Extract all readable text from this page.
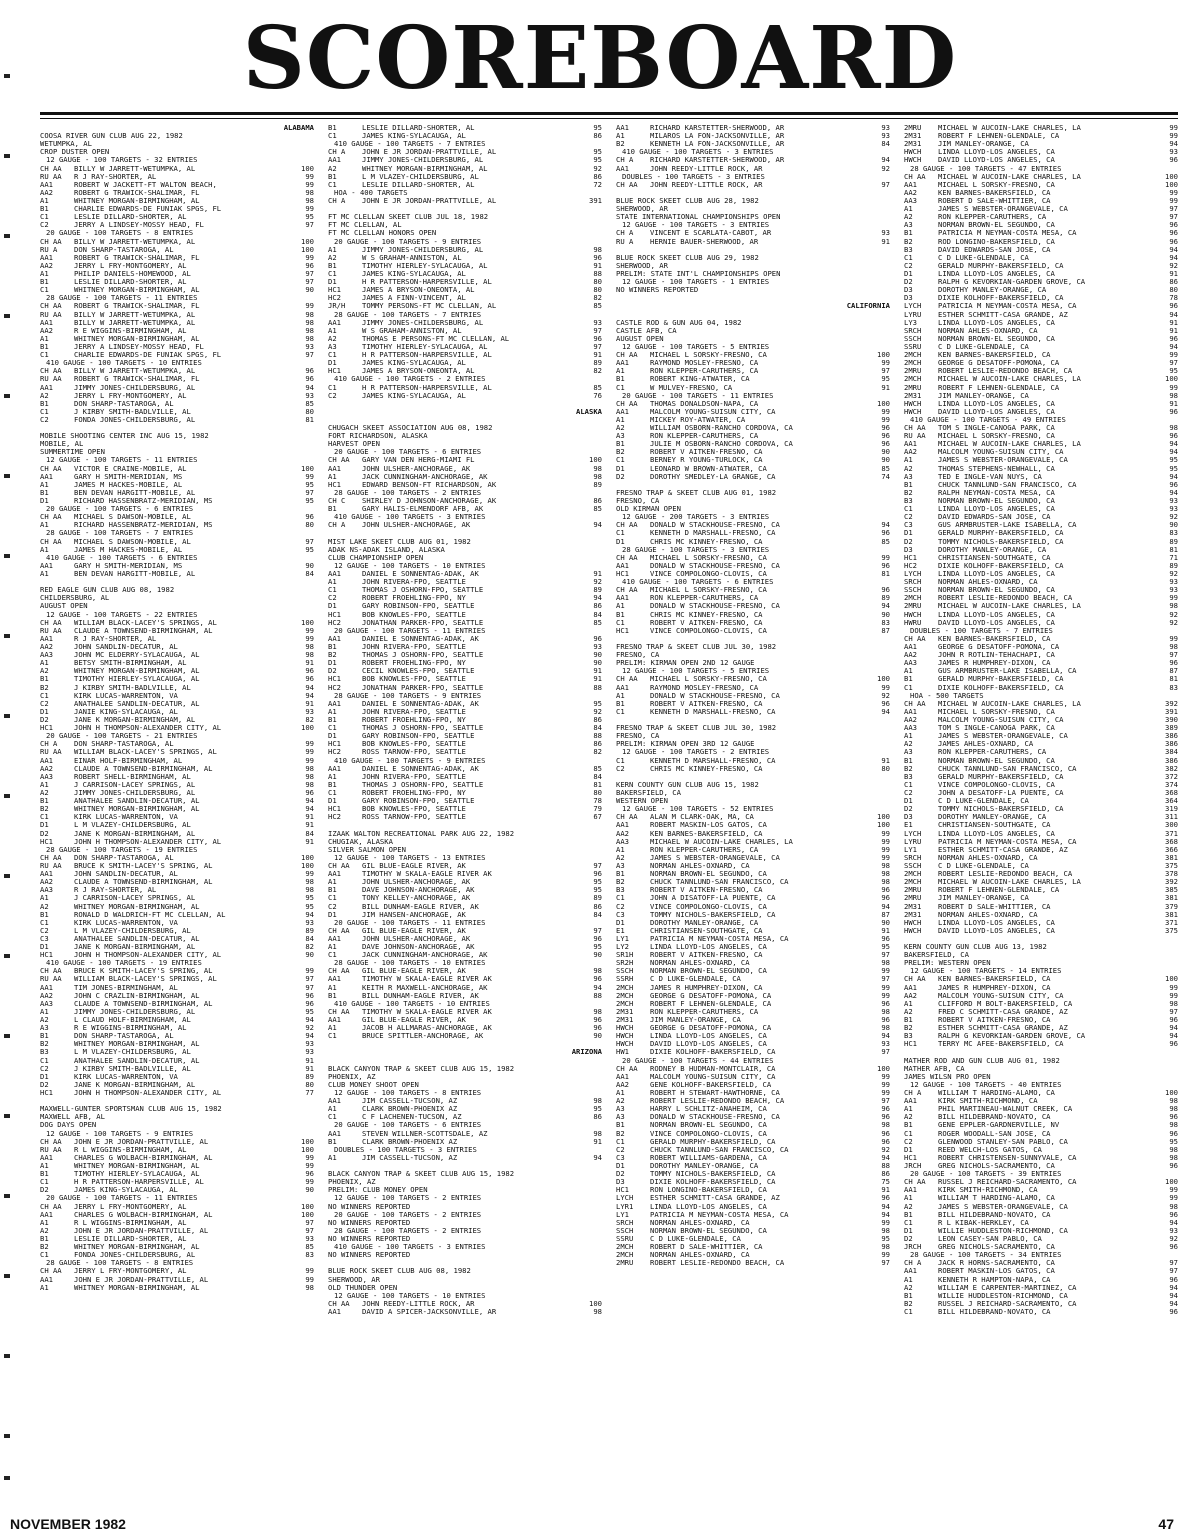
SCOREBOARD
ALABAMA
COOSA RIVER GUN CLUB AUG 22, 1982
WETUMPKA, AL
CROP DUSTER OPEN
12 GAUGE - 100 TARGETS - 32 ENTRIES
CH AA	BILLY W JARRETT-WETUMPKA, AL	100
RU AA	R J RAY-SHORTER, AL	99
AA1	ROBERT W JACKETT-FT WALTON BEACH,	99
AA2	ROBERT G TRAWICK-SHALIMAR, FL	98
A1	WHITNEY MORGAN-BIRMINGHAM, AL	98
B1	CHARLIE EDWARDS-DE FUNIAK SPGS, FL	99
C1	LESLIE DILLARD-SHORTER, AL	95
C2	JERRY A LINDSEY-MOSSY HEAD, FL	97
20 GAUGE - 100 TARGETS - 8 ENTRIES
CH AA	BILLY W JARRETT-WETUMPKA, AL	100
RU A	DON SHARP-TASTAROGA, AL	100
AA1	ROBERT G TRAWICK-SHALIMAR, FL	99
AA2	JERRY L FRY-MONTGOMERY, AL	96
A1	PHILIP DANIELS-HOMEWOOD, AL	97
B1	LESLIE DILLARD-SHORTER, AL	97
C1	WHITNEY MORGAN-BIRMINGHAM, AL	90
28 GAUGE - 100 TARGETS - 11 ENTRIES
CH AA	ROBERT G TRAWICK-SHALIMAR, FL	99
RU AA	BILLY W JARRETT-WETUMPKA, AL	98
AA1	BILLY W JARRETT-WETUMPKA, AL	98
AA2	R E WIGGINS-BIRMINGHAM, AL	98
A1	WHITNEY MORGAN-BIRMINGHAM, AL	98
B1	JERRY A LINDSEY-MOSSY HEAD, FL	93
C1	CHARLIE EDWARDS-DE FUNIAK SPGS, FL	97
410 GAUGE - 100 TARGETS - 10 ENTRIES
CH AA	BILLY W JARRETT-WETUMPKA, AL	96
RU AA	ROBERT G TRAWICK-SHALIMAR, FL	96
AA1	JIMMY JONES-CHILDERSBURG, AL	94
A2	JERRY L FRY-MONTGOMERY, AL	93
B1	DON SHARP-TASTAROGA, AL	85
C1	J KIRBY SMITH-BADLVILLE, AL	80
C2	FONDA JONES-CHILDERSBURG, AL	81

MOBILE SHOOTING CENTER INC AUG 15, 1982
MOBILE, AL
SUMMERTIME OPEN
12 GAUGE - 100 TARGETS - 11 ENTRIES
CH AA	VICTOR E CRAINE-MOBILE, AL	100
AA1	GARY H SMITH-MERIDIAN, MS	99
A1	JAMES M HACKES-MOBILE, AL	95
B1	BEN DEVAN HARGITT-MOBILE, AL	97
D1	RICHARD HASSENBRATZ-MERIDIAN, MS	95
20 GAUGE - 100 TARGETS - 6 ENTRIES
CH AA	MICHAEL S DAWSON-MOBILE, AL	96
A1	RICHARD HASSENBRATZ-MERIDIAN, MS	80
28 GAUGE - 100 TARGETS - 7 ENTRIES
CH AA	MICHAEL S DAWSON-MOBILE, AL	97
A1	JAMES M HACKES-MOBILE, AL	95
410 GAUGE - 100 TARGETS - 6 ENTRIES
AA1	GARY H SMITH-MERIDIAN, MS	90
A1	BEN DEVAN HARGITT-MOBILE, AL	84

RED EAGLE GUN CLUB AUG 08, 1982
CHILDERSBURG, AL
AUGUST OPEN
12 GAUGE - 100 TARGETS - 22 ENTRIES
CH AA	WILLIAM BLACK-LACEY'S SPRINGS, AL	100
RU AA	CLAUDE A TOWNSEND-BIRMINGHAM, AL	99
AA1	R J RAY-SHORTER, AL	99
AA2	JOHN SANDLIN-DECATUR, AL	98
AA3	JOHN MC ELDERRY-SYLACAUGA, AL	98
A1	BETSY SMITH-BIRMINGHAM, AL	91
A2	WHITNEY MORGAN-BIRMINGHAM, AL	96
B1	TIMOTHY HIERLEY-SYLACAUGA, AL	96
B2	J KIRBY SMITH-BADLVILLE, AL	94
C1	KIRK LUCAS-WARRENTON, VA	94
C2	ANATHALEE SANDLIN-DECATUR, AL	91
D1	JANIE KING-SYLACAUGA, AL	93
D2	JANE K MORGAN-BIRMINGHAM, AL	82
HC1	JOHN H THOMPSON-ALEXANDER CITY, AL	100
20 GAUGE - 100 TARGETS - 21 ENTRIES
CH A	DON SHARP-TASTAROGA, AL	99
RU AA	WILLIAM BLACK-LACEY'S SPRINGS, AL	99
AA1	EINAR HOLF-BIRMINGHAM, AL	99
AA2	CLAUDE A TOWNSEND-BIRMINGHAM, AL	98
AA3	ROBERT SHELL-BIRMINGHAM, AL	98
A1	J CARRISON-LACEY SPRINGS, AL	98
A2	JIMMY JONES-CHILDERSBURG, AL	96
B1	ANATHALEE SANDLIN-DECATUR, AL	94
B2	WHITNEY MORGAN-BIRMINGHAM, AL	94
C1	KIRK LUCAS-WARRENTON, VA	91
D1	L M VLAZEY-CHILDERSBURG, AL	91
D2	JANE K MORGAN-BIRMINGHAM, AL	84
HC1	JOHN H THOMPSON-ALEXANDER CITY, AL	91
28 GAUGE - 100 TARGETS - 19 ENTRIES
CH AA	DON SHARP-TASTAROGA, AL	100
RU AA	BRUCE K SMITH-LACEY'S SPRING, AL	100
AA1	JOHN SANDLIN-DECATUR, AL	99
AA2	CLAUDE A TOWNSEND-BIRMINGHAM, AL	98
AA3	R J RAY-SHORTER, AL	98
A1	J CARRISON-LACEY SPRINGS, AL	95
A2	WHITNEY MORGAN-BIRMINGHAM, AL	95
B1	RONALD D WALDRICH-FT MC CLELLAN, AL	94
C1	KIRK LUCAS-WARRENTON, VA	93
C2	L M VLAZEY-CHILDERSBURG, AL	89
C3	ANATHALEE SANDLIN-DECATUR, AL	84
D1	JANE K MORGAN-BIRMINGHAM, AL	82
HC1	JOHN H THOMPSON-ALEXANDER CITY, AL	90
410 GAUGE - 100 TARGETS - 19 ENTRIES
CH AA	BRUCE K SMITH-LACEY'S SPRING, AL	99
RU AA	WILLIAM BLACK-LACEY'S SPRINGS, AL	97
AA1	TIM JONES-BIRMINGHAM, AL	97
AA2	JOHN C CRAZLIN-BIRMINGHAM, AL	96
AA3	CLAUDE A TOWNSEND-BIRMINGHAM, AL	96
A1	JIMMY JONES-CHILDERSBURG, AL	95
A2	L CLAUD HOLF-BIRMINGHAM, AL	94
A3	R E WIGGINS-BIRMINGHAM, AL	92
B1	DON SHARP-TASTAROGA, AL	94
B2	WHITNEY MORGAN-BIRMINGHAM, AL	93
B3	L M VLAZEY-CHILDERSBURG, AL	93
C1	ANATHALEE SANDLIN-DECATUR, AL	91
C2	J KIRBY SMITH-BADLVILLE, AL	91
D1	KIRK LUCAS-WARRENTON, VA	89
D2	JANE K MORGAN-BIRMINGHAM, AL	80
HC1	JOHN H THOMPSON-ALEXANDER CITY, AL	77

MAXWELL-GUNTER SPORTSMAN CLUB AUG 15, 1982
MAXWELL AFB, AL
DOG DAYS OPEN
12 GAUGE - 100 TARGETS - 9 ENTRIES
CH AA	JOHN E JR JORDAN-PRATTVILLE, AL	100
RU AA	R L WIGGINS-BIRMINGHAM, AL	100
AA1	CHARLES G WOLBACH-BIRMINGHAM, AL	99
A1	WHITNEY MORGAN-BIRMINGHAM, AL	99
B1	TIMOTHY HIERLEY-SYLACAUGA, AL	96
C1	H R PATTERSON-HARPERSVILLE, AL	99
D2	JAMES KING-SYLACAUGA, AL	90
20 GAUGE - 100 TARGETS - 11 ENTRIES
CH AA	JERRY L FRY-MONTGOMERY, AL	100
AA1	CHARLES G WOLBACH-BIRMINGHAM, AL	100
A1	R L WIGGINS-BIRMINGHAM, AL	97
A2	JOHN E JR JORDAN-PRATTVILLE, AL	97
B1	LESLIE DILLARD-SHORTER, AL	93
B2	WHITNEY MORGAN-BIRMINGHAM, AL	85
C1	FONDA JONES-CHILDERSBURG, AL	83
28 GAUGE - 100 TARGETS - 8 ENTRIES
CH AA	JERRY L FRY-MONTGOMERY, AL	99
AA1	JOHN E JR JORDAN-PRATTVILLE, AL	99
A1	WHITNEY MORGAN-BIRMINGHAM, AL	98
B1	LESLIE DILLARD-SHORTER, AL	95
C1	JAMES KING-SYLACAUGA, AL	86
410 GAUGE - 100 TARGETS - 7 ENTRIES
CH A	JOHN E JR JORDAN-PRATTVILLE, AL	95
AA1	JIMMY JONES-CHILDERSBURG, AL	95
A2	WHITNEY MORGAN-BIRMINGHAM, AL	92
B1	L M VLAZEY-CHILDERSBURG, AL	86
C1	LESLIE DILLARD-SHORTER, AL	72
HOA - 400 TARGETS
CH A	JOHN E JR JORDAN-PRATTVILLE, AL	391

FT MC CLELLAN SKEET CLUB JUL 18, 1982
FT MC CLELLAN, AL
FT MC CLELLAN HONORS OPEN
20 GAUGE - 100 TARGETS - 9 ENTRIES
A1	JIMMY JONES-CHILDERSBURG, AL	98
A2	W S GRAHAM-ANNISTON, AL	96
B1	TIMOTHY HIERLEY-SYLACAUGA, AL	91
C1	JAMES KING-SYLACAUGA, AL	88
D1	H R PATTERSON-HARPERSVILLE, AL	80
HC1	JAMES A BRYSON-ONEONTA, AL	80
HC2	JAMES A FINN-VINCENT, AL	82
JR/H	TOMMY PERSONS-FT MC CLELLAN, AL	85
28 GAUGE - 100 TARGETS - 7 ENTRIES
AA1	JIMMY JONES-CHILDERSBURG, AL	93
A1	W S GRAHAM-ANNISTON, AL	97
A2	THOMAS E PERSONS-FT MC CLELLAN, AL	96
A3	TIMOTHY HIERLEY-SYLACAUGA, AL	97
C1	H R PATTERSON-HARPERSVILLE, AL	91
D1	JAMES KING-SYLACAUGA, AL	89
HC1	JAMES A BRYSON-ONEONTA, AL	82
410 GAUGE - 100 TARGETS - 2 ENTRIES
C1	H R PATTERSON-HARPERSVILLE, AL	85
C2	JAMES KING-SYLACAUGA, AL	76

ALASKA

CHUGACH SKEET ASSOCIATION AUG 08, 1982
FORT RICHARDSON, ALASKA
HARVEST OPEN
20 GAUGE - 100 TARGETS - 6 ENTRIES
CH AA	GARY VAN DEN HERG-MIAMI FL	100
AA1	JOHN ULSHER-ANCHORAGE, AK	98
A1	JACK CUNNINGHAM-ANCHORAGE, AK	98
HC1	EDWARD BENSON-FT RICHARDSON, AK	89
28 GAUGE - 100 TARGETS - 2 ENTRIES
CH C	SHIRLEY D JOHNSON-ANCHORAGE, AK	86
B1	GARY HALIS-ELMENDORF AFB, AK	85
410 GAUGE - 100 TARGETS - 3 ENTRIES
CH A	JOHN ULSHER-ANCHORAGE, AK	94

MIST LAKE SKEET CLUB AUG 01, 1982
ADAK NS-ADAK ISLAND, ALASKA
CLUB CHAMPIONSHIP OPEN
12 GAUGE - 100 TARGETS - 10 ENTRIES
AA1	DANIEL E SONNENTAG-ADAK, AK	91
A1	JOHN RIVERA-FPO, SEATTLE	92
C1	THOMAS J OSHORN-FPO, SEATTLE	89
C2	ROBERT FROEHLING-FPO, NY	94
D1	GARY ROBINSON-FPO, SEATTLE	86
HC1	BOB KNOWLES-FPO, SEATTLE	84
HC2	JONATHAN PARKER-FPO, SEATTLE	85
20 GAUGE - 100 TARGETS - 11 ENTRIES
AA1	DANIEL E SONNENTAG-ADAK, AK	96
B1	JOHN RIVERA-FPO, SEATTLE	93
B2	THOMAS J OSHORN-FPO, SEATTLE	90
D1	ROBERT FROEHLING-FPO, NY	90
D2	CECIL KNOWLES-FPO, SEATTLE	91
HC1	BOB KNOWLES-FPO, SEATTLE	91
HC2	JONATHAN PARKER-FPO, SEATTLE	88
28 GAUGE - 100 TARGETS - 9 ENTRIES
AA1	DANIEL E SONNENTAG-ADAK, AK	95
A1	JOHN RIVERA-FPO, SEATTLE	92
B1	ROBERT FROEHLING-FPO, NY	86
C1	THOMAS J OSHORN-FPO, SEATTLE	84
D1	GARY ROBINSON-FPO, SEATTLE	88
HC1	BOB KNOWLES-FPO, SEATTLE	86
HC2	ROSS TARNOW-FPO, SEATTLE	82
410 GAUGE - 100 TARGETS - 9 ENTRIES
AA1	DANIEL E SONNENTAG-ADAK, AK	85
A1	JOHN RIVERA-FPO, SEATTLE	84
B1	THOMAS J OSHORN-FPO, SEATTLE	81
C1	ROBERT FROEHLING-FPO, NY	80
D1	GARY ROBINSON-FPO, SEATTLE	78
HC1	BOB KNOWLES-FPO, SEATTLE	79
HC2	ROSS TARNOW-FPO, SEATTLE	67

IZAAK WALTON RECREATIONAL PARK AUG 22, 1982
CHUGIAK, ALASKA
SILVER SALMON OPEN
12 GAUGE - 100 TARGETS - 13 ENTRIES
CH AA	GIL BLUE-EAGLE RIVER, AK	97
AA1	TIMOTHY W SKALA-EAGLE RIVER AK	96
A1	JOHN ULSHER-ANCHORAGE, AK	95
B1	DAVE JOHNSON-ANCHORAGE, AK	95
C1	TONY KELLEY-ANCHORAGE, AK	89
C2	BILL DUNHAM-EAGLE RIVER, AK	86
D1	JIM HANSEN-ANCHORAGE, AK	84
20 GAUGE - 100 TARGETS - 11 ENTRIES
CH AA	GIL BLUE-EAGLE RIVER, AK	97
AA1	JOHN ULSHER-ANCHORAGE, AK	96
A1	DAVE JOHNSON-ANCHORAGE, AK	95
C1	JACK CUNNINGHAM-ANCHORAGE, AK	90
28 GAUGE - 100 TARGETS - 10 ENTRIES
CH AA	GIL BLUE-EAGLE RIVER, AK	98
AA1	TIMOTHY W SKALA-EAGLE RIVER AK	96
A1	KEITH R MAXWELL-ANCHORAGE, AK	94
B1	BILL DUNHAM-EAGLE RIVER, AK	88
410 GAUGE - 100 TARGETS - 10 ENTRIES
CH AA	TIMOTHY W SKALA-EAGLE RIVER AK	98
AA1	GIL BLUE-EAGLE RIVER, AK	96
A1	JACOB H ALLMARAS-ANCHORAGE, AK	96
C1	BRUCE SPITTLER-ANCHORAGE, AK	90

ARIZONA

BLACK CANYON TRAP & SKEET CLUB AUG 15, 1982
PHOENIX, AZ
CLUB MONEY SHOOT OPEN
12 GAUGE - 100 TARGETS - 8 ENTRIES
AA1	JIM CASSELL-TUCSON, AZ	98
A1	CLARK BROWN-PHOENIX AZ	95
C1	C F LACHENEN-TUCSON, AZ	86
20 GAUGE - 100 TARGETS - 6 ENTRIES
AA1	STEVEN WILLNER-SCOTTSDALE, AZ	98
B1	CLARK BROWN-PHOENIX AZ	91
DOUBLES - 100 TARGETS - 3 ENTRIES
A1	JIM CASSELL-TUCSON, AZ	94

BLACK CANYON TRAP & SKEET CLUB AUG 15, 1982
PHOENIX, AZ
PRELIM: CLUB MONEY OPEN
12 GAUGE - 100 TARGETS - 2 ENTRIES
NO WINNERS REPORTED
20 GAUGE - 100 TARGETS - 2 ENTRIES
NO WINNERS REPORTED
28 GAUGE - 100 TARGETS - 2 ENTRIES
NO WINNERS REPORTED
410 GAUGE - 100 TARGETS - 3 ENTRIES
NO WINNERS REPORTED

BLUE ROCK SKEET CLUB AUG 08, 1982
SHERWOOD, AR
OLD THUNDER OPEN
12 GAUGE - 100 TARGETS - 10 ENTRIES
CH AA	JOHN REEDY-LITTLE ROCK, AR	100
AA1	DAVID A SPICER-JACKSONVILLE, AR	98
AA1	RICHARD KARSTETTER-SHERWOOD, AR	93
A1	MILAROS LA FON-JACKSONVILLE, AR	93
B2	KENNETH LA FON-JACKSONVILLE, AR	84
410 GAUGE - 100 TARGETS - 3 ENTRIES
CH A	RICHARD KARSTETTER-SHERWOOD, AR	94
AA1	JOHN REEDY-LITTLE ROCK, AR	92
DOUBLES - 100 TARGETS - 3 ENTRIES
CH AA	JOHN REEDY-LITTLE ROCK, AR	97

BLUE ROCK SKEET CLUB AUG 28, 1982
SHERWOOD, AR
STATE INTERNATIONAL CHAMPIONSHIPS OPEN
12 GAUGE - 100 TARGETS - 3 ENTRIES
CH A	VINCENT E SCARLATA-CABOT, AR	93
RU A	HERNIE BAUER-SHERWOOD, AR	91

BLUE ROCK SKEET CLUB AUG 29, 1982
SHERWOOD, AR
PRELIM: STATE INT'L CHAMPIONSHIPS OPEN
12 GAUGE - 100 TARGETS - 1 ENTRIES
NO WINNERS REPORTED

CALIFORNIA

CASTLE ROD & GUN AUG 04, 1982
CASTLE AFB, CA
AUGUST OPEN
12 GAUGE - 100 TARGETS - 5 ENTRIES
CH AA	MICHAEL L SORSKY-FRESNO, CA	100
AA1	RAYMOND MOSLEY-FRESNO, CA	99
A1	RON KLEPPER-CARUTHERS, CA	97
B1	ROBERT KING-ATWATER, CA	95
C1	W MULVEY-FRESNO, CA	91
20 GAUGE - 100 TARGETS - 11 ENTRIES
CH AA	THOMAS DONALDSON-NAPA, CA	100
AA1	MALCOLM YOUNG-SUISUN CITY, CA	99
A1	MICKEY ROY-ATWATER, CA	99
A2	WILLIAM OSBORN-RANCHO CORDOVA, CA	96
A3	RON KLEPPER-CARUTHERS, CA	96
B1	JULIE M OSBORN-RANCHO CORDOVA, CA	96
B2	ROBERT V AITKEN-FRESNO, CA	90
C1	BERNEY R YOUNG-TURLOCK, CA	90
D1	LEONARD W BROWN-ATWATER, CA	85
D2	DOROTHY SMEDLEY-LA GRANGE, CA	74

FRESNO TRAP & SKEET CLUB AUG 01, 1982
FRESNO, CA
OLD KIRMAN OPEN
12 GAUGE - 200 TARGETS - 3 ENTRIES
CH AA	DONALD W STACKHOUSE-FRESNO, CA	94
C1	KENNETH D MARSHALL-FRESNO, CA	96
D1	CHRIS MC KINNEY-FRESNO, CA	85
28 GAUGE - 100 TARGETS - 3 ENTRIES
CH AA	MICHAEL L SORSKY-FRESNO, CA	99
AA1	DONALD W STACKHOUSE-FRESNO, CA	96
HC1	VINCE COMPOLONGO-CLOVIS, CA	81
410 GAUGE - 100 TARGETS - 6 ENTRIES
CH AA	MICHAEL L SORSKY-FRESNO, CA	96
AA1	RON KLEPPER-CARUTHERS, CA	89
A1	DONALD W STACKHOUSE-FRESNO, CA	94
B1	CHRIS MC KINNEY-FRESNO, CA	90
C1	ROBERT V AITKEN-FRESNO, CA	83
HC1	VINCE COMPOLONGO-CLOVIS, CA	87

FRESNO TRAP & SKEET CLUB JUL 30, 1982
FRESNO, CA
PRELIM: KIRMAN OPEN 2ND 12 GAUGE
12 GAUGE - 100 TARGETS - 5 ENTRIES
CH AA	MICHAEL L SORSKY-FRESNO, CA	100
AA1	RAYMOND MOSLEY-FRESNO, CA	99
A1	DONALD W STACKHOUSE-FRESNO, CA	92
B1	ROBERT V AITKEN-FRESNO, CA	96
C1	KENNETH D MARSHALL-FRESNO, CA	94

FRESNO TRAP & SKEET CLUB JUL 30, 1982
FRESNO, CA
PRELIM: KIRMAN OPEN 3RD 12 GAUGE
12 GAUGE - 100 TARGETS - 2 ENTRIES
C1	KENNETH D MARSHALL-FRESNO, CA	91
C2	CHRIS MC KINNEY-FRESNO, CA	80

KERN COUNTY GUN CLUB AUG 15, 1982
BAKERSFIELD, CA
WESTERN OPEN
12 GAUGE - 100 TARGETS - 52 ENTRIES
CH AA	ALAN M CLARK-OAK, MA, CA	100
AA1	ROBERT MASKIN-LOS GATOS, CA	100
AA2	KEN BARNES-BAKERSFIELD, CA	99
AA3	MICHAEL W AUCOIN-LAKE CHARLES, LA	99
A1	RON KLEPPER-CARUTHERS, CA	99
A2	JAMES S WEBSTER-ORANGEVALE, CA	99
A3	NORMAN AHLES-OXNARD, CA	98
B1	NORMAN BROWN-EL SEGUNDO, CA	98
B2	CHUCK TANNLUND-SAN FRANCISCO, CA	98
B3	ROBERT V AITKEN-FRESNO, CA	96
C1	JOHN A DISATOFF-LA PUENTE, CA	96
C2	VINCE COMPOLONGO-CLOVIS, CA	94
C3	TOMMY NICHOLS-BAKERSFIELD, CA	87
D1	DOROTHY MANLEY-ORANGE, CA	90
E1	CHRISTIANSEN-SOUTHGATE, CA	91
LY1	PATRICIA M NEYMAN-COSTA MESA, CA	96
LY2	LINDA LLOYD-LOS ANGELES, CA	95
SR1H	ROBERT V AITKEN-FRESNO, CA	97
SR2H	NORMAN AHLES-OXNARD, CA	98
SSCH	NORMAN BROWN-EL SEGUNDO, CA	99
SSRH	C D LUKE-GLENDALE, CA	97
2MCH	JAMES R HUMPHREY-DIXON, CA	99
2MCH	GEORGE G DESATOFF-POMONA, CA	99
2MCH	ROBERT F LEHNEN-GLENDALE, CA	96
2M31	RON KLEPPER-CARUTHERS, CA	98
2M31	JIM MANLEY-ORANGE, CA	96
HWCH	GEORGE G DESATOFF-POMONA, CA	98
HWCH	LINDA LLOYD-LOS ANGELES, CA	94
HWCH	DAVID LLOYD-LOS ANGELES, CA	93
HW1	DIXIE KOLHOFF-BAKERSFIELD, CA	97
20 GAUGE - 100 TARGETS - 44 ENTRIES
CH AA	RODNEY B HUDMAN-MONTCLAIR, CA	100
AA1	MALCOLM YOUNG-SUISUN CITY, CA	99
AA2	GENE KOLHOFF-BAKERSFIELD, CA	99
A1	ROBERT H STEWART-HAWTHORNE, CA	99
A2	ROBERT LESLIE-REDONDO BEACH, CA	97
A3	HARRY L SCHLITZ-ANAHEIM, CA	96
A3	DONALD W STACKHOUSE-FRESNO, CA	96
B1	NORMAN BROWN-EL SEGUNDO, CA	98
B2	VINCE COMPOLONGO-CLOVIS, CA	96
C1	GERALD MURPHY-BAKERSFIELD, CA	96
C2	CHUCK TANNLUND-SAN FRANCISCO, CA	92
C3	ROBERT WILLIAMS-GARDENA, CA	94
D1	DOROTHY MANLEY-ORANGE, CA	88
D2	TOMMY NICHOLS-BAKERSFIELD, CA	86
D3	DIXIE KOLHOFF-BAKERSFIELD, CA	75
HC1	RON LONGINO-BAKERSFIELD, CA	91
LYCH	ESTHER SCHMITT-CASA GRANDE, AZ	96
LYR1	LINDA LLOYD-LOS ANGELES, CA	94
LY1	PATRICIA M NEYMAN-COSTA MESA, CA	94
SRCH	NORMAN AHLES-OXNARD, CA	99
SSCH	NORMAN BROWN-EL SEGUNDO, CA	98
SSRU	C D LUKE-GLENDALE, CA	95
2MCH	ROBERT D SALE-WHITTIER, CA	98
2MCH	NORMAN AHLES-OXNARD, CA	99
2MRU	ROBERT LESLIE-REDONDO BEACH, CA	97
2MRU	MICHAEL W AUCOIN-LAKE CHARLES, LA	99
2M31	ROBERT F LEHNEN-GLENDALE, CA	99
2M31	JIM MANLEY-ORANGE, CA	94
HWCH	LINDA LLOYD-LOS ANGELES, CA	93
HWCH	DAVID LLOYD-LOS ANGELES, CA	96
28 GAUGE - 100 TARGETS - 47 ENTRIES
CH AA	MICHAEL W AUCOIN-LAKE CHARLES, LA	100
AA1	MICHAEL L SORSKY-FRESNO, CA	100
AA2	KEN BARNES-BAKERSFIELD, CA	99
AA3	ROBERT D SALE-WHITTIER, CA	99
A1	JAMES S WEBSTER-ORANGEVALE, CA	97
A2	RON KLEPPER-CARUTHERS, CA	97
A3	NORMAN BROWN-EL SEGUNDO, CA	96
B1	PATRICIA M NEYMAN-COSTA MESA, CA	96
B2	ROD LONGINO-BAKERSFIELD, CA	96
B3	DAVID EDWARDS-SAN JOSE, CA	94
C1	C D LUKE-GLENDALE, CA	94
C2	GERALD MURPHY-BAKERSFIELD, CA	92
D1	LINDA LLOYD-LOS ANGELES, CA	91
D2	RALPH G KEVORKIAN-GARDEN GROVE, CA	86
D3	DOROTHY MANLEY-ORANGE, CA	80
D3	DIXIE KOLHOFF-BAKERSFIELD, CA	78
LYCH	PATRICIA M NEYMAN-COSTA MESA, CA	96
LYRU	ESTHER SCHMITT-CASA GRANDE, AZ	94
LY3	LINDA LLOYD-LOS ANGELES, CA	91
SRCH	NORMAN AHLES-OXNARD, CA	91
SSCH	NORMAN BROWN-EL SEGUNDO, CA	96
SSRU	C D LUKE-GLENDALE, CA	94
2MCH	KEN BARNES-BAKERSFIELD, CA	99
2MCH	GEORGE G DESATOFF-POMONA, CA	97
2MRU	ROBERT LESLIE-REDONDO BEACH, CA	95
2MCH	MICHAEL W AUCOIN-LAKE CHARLES, LA	100
2MRU	ROBERT F LEHNEN-GLENDALE, CA	99
2M31	JIM MANLEY-ORANGE, CA	98
HWCH	LINDA LLOYD-LOS ANGELES, CA	91
HWCH	DAVID LLOYD-LOS ANGELES, CA	96
410 GAUGE - 100 TARGETS - 49 ENTRIES
CH AA	TOM S INGLE-CANOGA PARK, CA	98
RU AA	MICHAEL L SORSKY-FRESNO, CA	96
AA1	MICHAEL W AUCOIN-LAKE CHARLES, LA	94
AA2	MALCOLM YOUNG-SUISUN CITY, CA	94
A1	JAMES S WEBSTER-ORANGEVALE, CA	95
A2	THOMAS STEPHENS-NEWHALL, CA	95
A3	TED E INGLE-VAN NUYS, CA	94
B1	CHUCK TANNLUND-SAN FRANCISCO, CA	96
B2	RALPH NEYMAN-COSTA MESA, CA	94
B3	NORMAN BROWN-EL SEGUNDO, CA	93
C1	LINDA LLOYD-LOS ANGELES, CA	93
C2	DAVID EDWARDS-SAN JOSE, CA	92
C3	GUS ARMBRUSTER-LAKE ISABELLA, CA	90
D1	GERALD MURPHY-BAKERSFIELD, CA	83
D2	TOMMY NICHOLS-BAKERSFIELD, CA	89
D3	DOROTHY MANLEY-ORANGE, CA	81
HC1	CHRISTIANSEN-SOUTHGATE, CA	71
HC2	DIXIE KOLHOFF-BAKERSFIELD, CA	89
LYCH	LINDA LLOYD-LOS ANGELES, CA	92
SRCH	NORMAN AHLES-OXNARD, CA	93
SSCH	NORMAN BROWN-EL SEGUNDO, CA	93
2MCH	ROBERT LESLIE-REDONDO BEACH, CA	99
2MRU	MICHAEL W AUCOIN-LAKE CHARLES, LA	98
HWCH	LINDA LLOYD-LOS ANGELES, CA	92
HWRU	DAVID LLOYD-LOS ANGELES, CA	92
DOUBLES - 100 TARGETS - 7 ENTRIES
CH AA	KEN BARNES-BAKERSFIELD, CA	99
AA1	GEORGE G DESATOFF-POMONA, CA	98
AA2	JOHN R ROTLIN-TEHACHAPI, CA	97
AA3	JAMES R HUMPHREY-DIXON, CA	96
A1	GUS ARMBRUSTER-LAKE ISABELLA, CA	87
B1	GERALD MURPHY-BAKERSFIELD, CA	81
C1	DIXIE KOLHOFF-BAKERSFIELD, CA	83
HOA - 500 TARGETS
CH AA	MICHAEL W AUCOIN-LAKE CHARLES, LA	392
AA1	MICHAEL L SORSKY-FRESNO, CA	391
AA2	MALCOLM YOUNG-SUISUN CITY, CA	390
AA3	TOM S INGLE-CANOGA PARK, CA	389
A1	JAMES S WEBSTER-ORANGEVALE, CA	386
A2	JAMES AHLES-OXNARD, CA	386
A3	RON KLEPPER-CARUTHERS, CA	384
B1	NORMAN BROWN-EL SEGUNDO, CA	386
B2	CHUCK TANNLUND-SAN FRANCISCO, CA	382
B3	GERALD MURPHY-BAKERSFIELD, CA	372
C1	VINCE COMPOLONGO-CLOVIS, CA	374
C2	JOHN A DESATOFF-LA PUENTE, CA	368
D1	C D LUKE-GLENDALE, CA	364
D2	TOMMY NICHOLS-BAKERSFIELD, CA	319
D3	DOROTHY MANLEY-ORANGE, CA	311
E1	CHRISTIANSEN-SOUTHGATE, CA	300
LYCH	LINDA LLOYD-LOS ANGELES, CA	371
LYRU	PATRICIA M NEYMAN-COSTA MESA, CA	368
LY1	ESTHER SCHMITT-CASA GRANDE, AZ	366
SRCH	NORMAN AHLES-OXNARD, CA	381
SSCH	C D LUKE-GLENDALE, CA	375
2MCH	ROBERT LESLIE-REDONDO BEACH, CA	378
2MCH	MICHAEL W AUCOIN-LAKE CHARLES, LA	392
2MRU	ROBERT F LEHNEN-GLENDALE, CA	385
2MRU	JIM MANLEY-ORANGE, CA	381
2M31	ROBERT D SALE-WHITTIER, CA	379
2M31	NORMAN AHLES-OXNARD, CA	381
HWCH	LINDA LLOYD-LOS ANGELES, CA	371
HWCH	DAVID LLOYD-LOS ANGELES, CA	375

KERN COUNTY GUN CLUB AUG 13, 1982
BAKERSFIELD, CA
PRELIM: WESTERN OPEN
12 GAUGE - 100 TARGETS - 14 ENTRIES
CH AA	KEN BARNES-BAKERSFIELD, CA	100
AA1	JAMES R HUMPHREY-DIXON, CA	99
AA2	MALCOLM YOUNG-SUISUN CITY, CA	99
A1	CLIFFORD M BOLT-BAKERSFIELD, CA	98
A2	FRED C SCHMITT-CASA GRANDE, AZ	97
B1	ROBERT V AITKEN-FRESNO, CA	96
B2	ESTHER SCHMITT-CASA GRANDE, AZ	94
B3	RALPH G KEVORKIAN-GARDEN GROVE, CA	94
HC1	TERRY MC AFEE-BAKERSFIELD, CA	96

MATHER ROD AND GUN CLUB AUG 01, 1982
MATHER AFB, CA
JAMES WILSN PRO OPEN
12 GAUGE - 100 TARGETS - 40 ENTRIES
CH A	WILLIAM T HARDING-ALAMO, CA	100
AA1	KIRK SMITH-RICHMOND, CA	98
A1	PHIL MARTINEAU-WALNUT CREEK, CA	98
A2	BILL HILDEBRAND-NOVATO, CA	96
B1	GENE EPPLER-GARDNERVILLE, NV	98
C1	ROGER WOODALL-SAN JOSE, CA	96
C2	GLENWOOD STANLEY-SAN PABLO, CA	95
D1	REED WELCH-LOS GATOS, CA	98
HC1	ROBERT CHRISTENSEN-SUNNYVALE, CA	98
JRCH	GREG NICHOLS-SACRAMENTO, CA	96
20 GAUGE - 100 TARGETS - 39 ENTRIES
CH AA	RUSSEL J REICHARD-SACRAMENTO, CA	100
AA1	KIRK SMITH-RICHMOND, CA	99
A1	WILLIAM T HARDING-ALAMO, CA	99
A2	JAMES S WEBSTER-ORANGEVALE, CA	98
B1	BILL HILDEBRAND-NOVATO, CA	96
C1	R L KIBAK-HERKLEY, CA	94
D1	WILLIE HUDDLESTON-RICHMOND, CA	93
D2	LEON CASEY-SAN PABLO, CA	92
JRCH	GREG NICHOLS-SACRAMENTO, CA	96
28 GAUGE - 100 TARGETS - 34 ENTRIES
CH A	JACK R HORNS-SACRAMENTO, CA	97
AA1	ROBERT MASKIN-LOS GATOS, CA	97
A1	KENNETH R HAMPTON-NAPA, CA	96
A2	WILLIAM E CARPENTER-MARTINEZ, CA	94
B1	WILLIE HUDDLESTON-RICHMOND, CA	94
B2	RUSSEL J REICHARD-SACRAMENTO, CA	94
C1	BILL HILDEBRAND-NOVATO, CA	96
NOVEMBER 1982	47
